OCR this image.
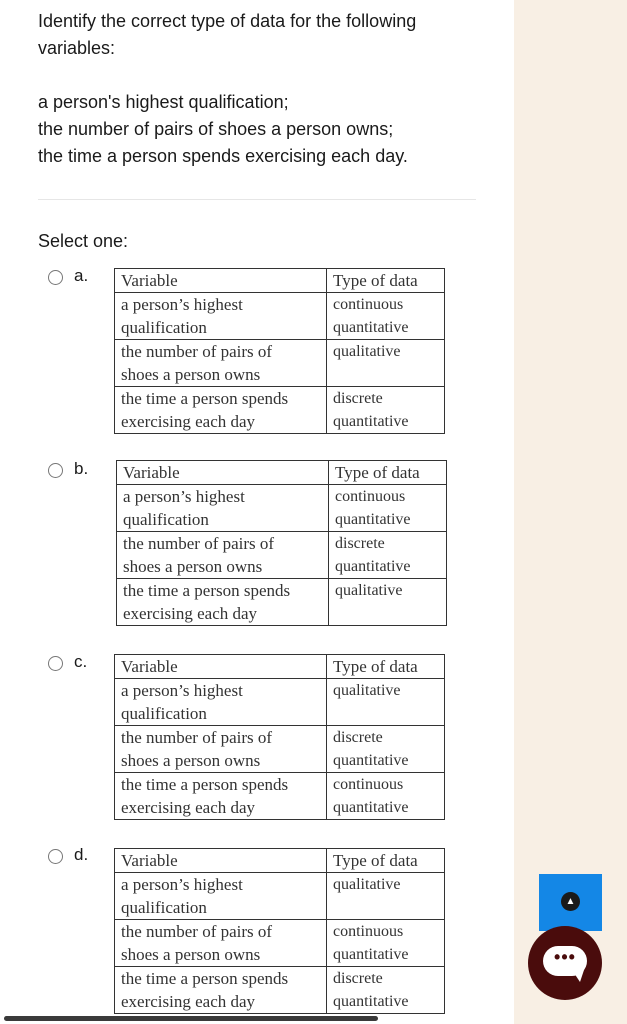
Identify the correct type of data for the following variables:

a person's highest qualification;

the number of pairs of shoes a person owns;

the time a person spends exercising each day.

Select one:
a. Variable	Type of data
a person’s highest
qualification	continuous
quantitative
the number of pairs of
shoes a person owns	qualitative

the time a person spends
exercising each day	discrete
quantitative
b. Variable	Type of data
a person’s highest
qualification	continuous
quantitative
the number of pairs of
shoes a person owns	discrete
quantitative
the time a person spends
exercising each day	qualitative

c. Variable	Type of data
a person’s highest
qualification	qualitative

the number of pairs of
shoes a person owns	discrete
quantitative
the time a person spends
exercising each day	continuous
quantitative
d. Variable	Type of data
a person’s highest
qualification	qualitative

the number of pairs of
shoes a person owns	continuous
quantitative
the time a person spends
exercising each day	discrete
quantitative
▲
•••
